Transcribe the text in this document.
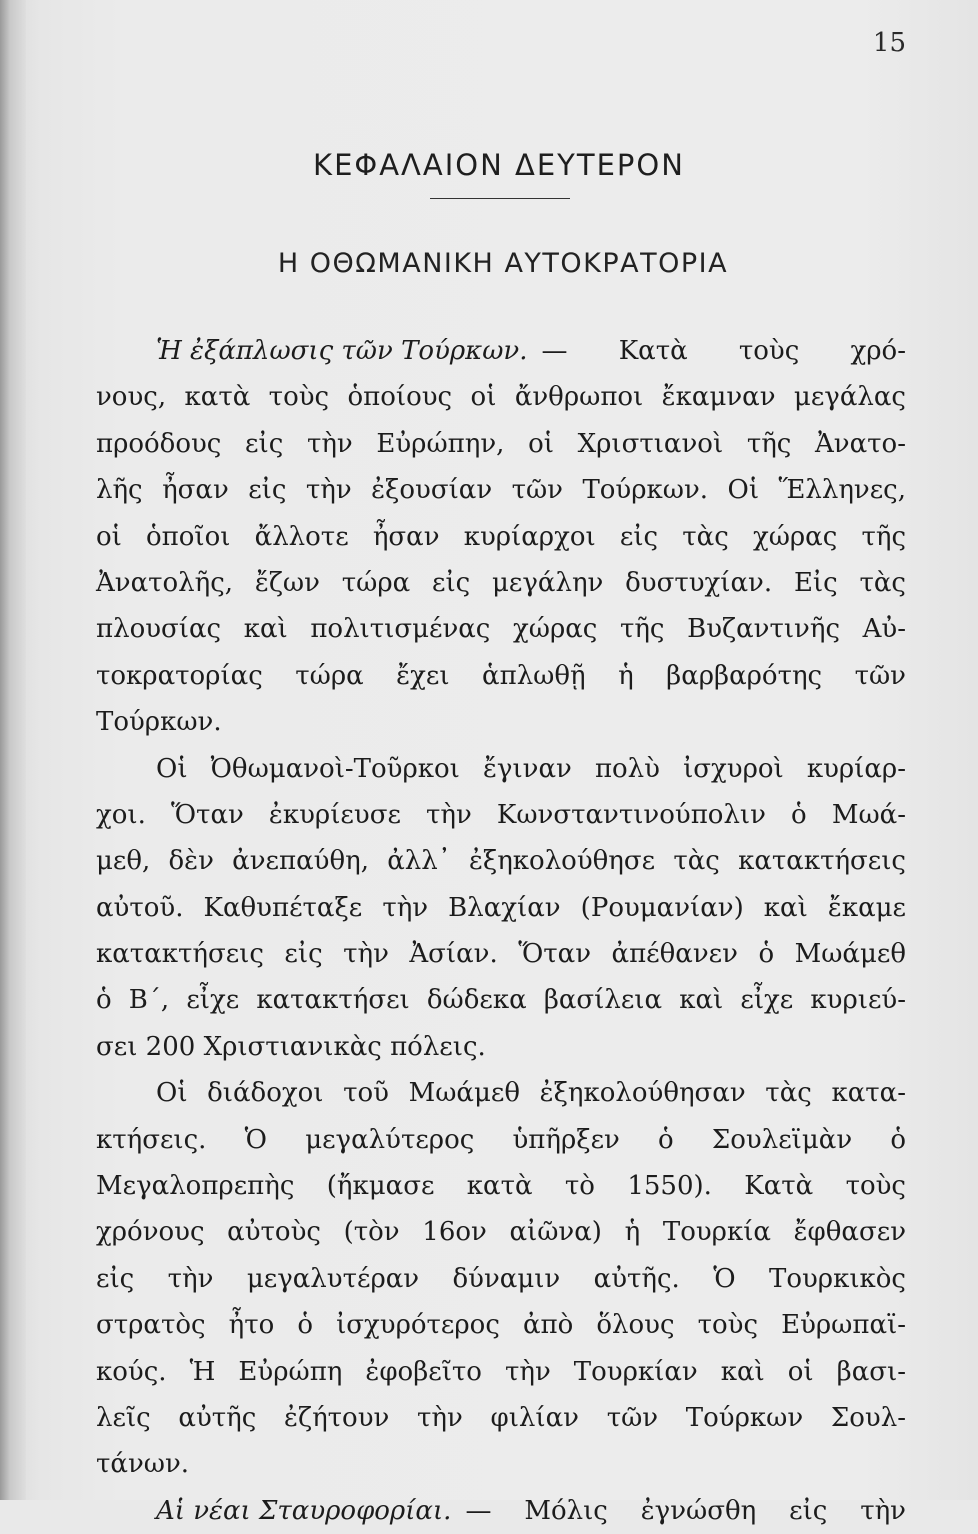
15
ΚΕΦΑΛΑΙΟΝ ΔΕΥΤΕΡΟΝ
Η ΟΘΩΜΑΝΙΚΗ ΑΥΤΟΚΡΑΤΟΡΙΑ
Ἡ ἐξάπλωσις τῶν Τούρκων. — Κατὰ τοὺς χρό-
νους, κατὰ τοὺς ὁποίους οἱ ἄνθρωποι ἔκαμναν μεγάλας
προόδους εἰς τὴν Εὐρώπην, οἱ Χριστιανοὶ τῆς Ἀνατο-
λῆς ἦσαν εἰς τὴν ἐξουσίαν τῶν Τούρκων. Οἱ Ἕλληνες,
οἱ ὁποῖοι ἄλλοτε ἦσαν κυρίαρχοι εἰς τὰς χώρας τῆς
Ἀνατολῆς, ἔζων τώρα εἰς μεγάλην δυστυχίαν. Εἰς τὰς
πλουσίας καὶ πολιτισμένας χώρας τῆς Βυζαντινῆς Αὐ-
τοκρατορίας τώρα ἔχει ἁπλωθῇ ἡ βαρβαρότης τῶν
Τούρκων.
Οἱ Ὀθωμανοὶ-Τοῦρκοι ἔγιναν πολὺ ἰσχυροὶ κυρίαρ-
χοι. Ὅταν ἐκυρίευσε τὴν Κωνσταντινούπολιν ὁ Μωά-
μεθ, δὲν ἀνεπαύθη, ἀλλ᾽ ἐξηκολούθησε τὰς κατακτήσεις
αὐτοῦ. Καθυπέταξε τὴν Βλαχίαν (Ρουμανίαν) καὶ ἔκαμε
κατακτήσεις εἰς τὴν Ἀσίαν. Ὅταν ἀπέθανεν ὁ Μωάμεθ
ὁ Β΄, εἶχε κατακτήσει δώδεκα βασίλεια καὶ εἶχε κυριεύ-
σει 200 Χριστιανικὰς πόλεις.
Οἱ διάδοχοι τοῦ Μωάμεθ ἐξηκολούθησαν τὰς κατα-
κτήσεις. Ὁ μεγαλύτερος ὑπῆρξεν ὁ Σουλεϊμὰν ὁ
Μεγαλοπρεπὴς (ἤκμασε κατὰ τὸ 1550). Κατὰ τοὺς
χρόνους αὐτοὺς (τὸν 16ον αἰῶνα) ἡ Τουρκία ἔφθασεν
εἰς τὴν μεγαλυτέραν δύναμιν αὐτῆς. Ὁ Τουρκικὸς
στρατὸς ἦτο ὁ ἰσχυρότερος ἀπὸ ὅλους τοὺς Εὐρωπαϊ-
κούς. Ἡ Εὐρώπη ἐφοβεῖτο τὴν Τουρκίαν καὶ οἱ βασι-
λεῖς αὐτῆς ἐζήτουν τὴν φιλίαν τῶν Τούρκων Σουλ-
τάνων.
Αἱ νέαι Σταυροφορίαι. — Μόλις ἐγνώσθη εἰς τὴν
